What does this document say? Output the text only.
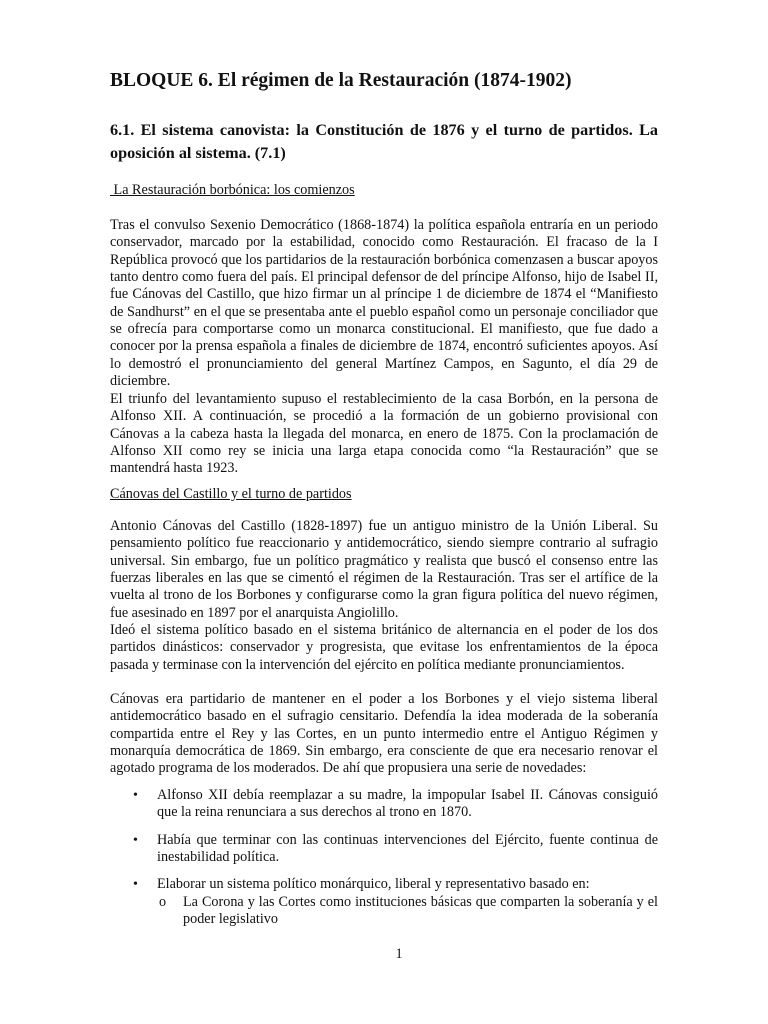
BLOQUE 6. El régimen de la Restauración (1874-1902)
6.1. El sistema canovista: la Constitución de 1876 y el turno de partidos. La oposición al sistema. (7.1)

La Restauración borbónica: los comienzos

Tras el convulso Sexenio Democrático (1868-1874) la política española entraría en un periodo conservador, marcado por la estabilidad, conocido como Restauración. El fracaso de la I República provocó que los partidarios de la restauración borbónica comenzasen a buscar apoyos tanto dentro como fuera del país. El principal defensor de del príncipe Alfonso, hijo de Isabel II, fue Cánovas del Castillo, que hizo firmar un al príncipe 1 de diciembre de 1874 el “Manifiesto de Sandhurst” en el que se presentaba ante el pueblo español como un personaje conciliador que se ofrecía para comportarse como un monarca constitucional. El manifiesto, que fue dado a conocer por la prensa española a finales de diciembre de 1874, encontró suficientes apoyos. Así lo demostró el pronunciamiento del general Martínez Campos, en Sagunto, el día 29 de diciembre.

El triunfo del levantamiento supuso el restablecimiento de la casa Borbón, en la persona de Alfonso XII. A continuación, se procedió a la formación de un gobierno provisional con Cánovas a la cabeza hasta la llegada del monarca, en enero de 1875. Con la proclamación de Alfonso XII como rey se inicia una larga etapa conocida como “la Restauración” que se mantendrá hasta 1923.

Cánovas del Castillo y el turno de partidos

Antonio Cánovas del Castillo (1828-1897) fue un antiguo ministro de la Unión Liberal. Su pensamiento político fue reaccionario y antidemocrático, siendo siempre contrario al sufragio universal. Sin embargo, fue un político pragmático y realista que buscó el consenso entre las fuerzas liberales en las que se cimentó el régimen de la Restauración. Tras ser el artífice de la vuelta al trono de los Borbones y configurarse como la gran figura política del nuevo régimen, fue asesinado en 1897 por el anarquista Angiolillo.

Ideó el sistema político basado en el sistema británico de alternancia en el poder de los dos partidos dinásticos: conservador y progresista, que evitase los enfrentamientos de la época pasada y terminase con la intervención del ejército en política mediante pronunciamientos.

Cánovas era partidario de mantener en el poder a los Borbones y el viejo sistema liberal antidemocrático basado en el sufragio censitario. Defendía la idea moderada de la soberanía compartida entre el Rey y las Cortes, en un punto intermedio entre el Antiguo Régimen y monarquía democrática de 1869. Sin embargo, era consciente de que era necesario renovar el agotado programa de los moderados. De ahí que propusiera una serie de novedades:

• Alfonso XII debía reemplazar a su madre, la impopular Isabel II. Cánovas consiguió que la reina renunciara a sus derechos al trono en 1870.
• Había que terminar con las continuas intervenciones del Ejército, fuente continua de inestabilidad política.
• Elaborar un sistema político monárquico, liberal y representativo basado en:
o La Corona y las Cortes como instituciones básicas que comparten la soberanía y el poder legislativo
1
